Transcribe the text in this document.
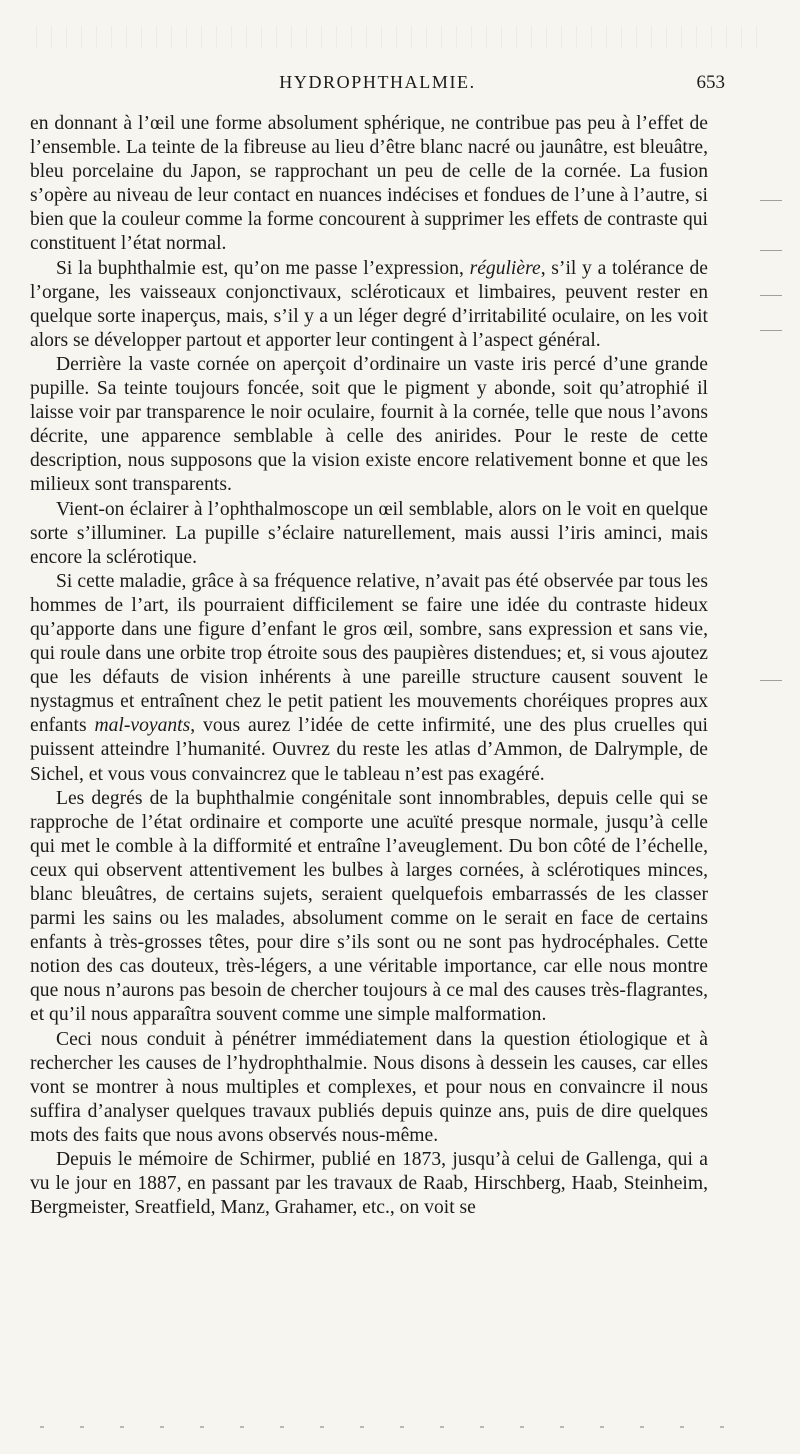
HYDROPHTHALMIE.	653

en donnant à l’œil une forme absolument sphérique, ne contribue pas peu à l’effet de l’ensemble. La teinte de la fibreuse au lieu d’être blanc nacré ou jaunâtre, est bleuâtre, bleu porcelaine du Japon, se rapprochant un peu de celle de la cornée. La fusion s’opère au niveau de leur contact en nuances indécises et fondues de l’une à l’autre, si bien que la couleur comme la forme concourent à supprimer les effets de contraste qui constituent l’état normal.

Si la buphthalmie est, qu’on me passe l’expression, régulière, s’il y a tolérance de l’organe, les vaisseaux conjonctivaux, scléroticaux et limbaires, peuvent rester en quelque sorte inaperçus, mais, s’il y a un léger degré d’irritabilité oculaire, on les voit alors se développer partout et apporter leur contingent à l’aspect général.

Derrière la vaste cornée on aperçoit d’ordinaire un vaste iris percé d’une grande pupille. Sa teinte toujours foncée, soit que le pigment y abonde, soit qu’atrophié il laisse voir par transparence le noir oculaire, fournit à la cornée, telle que nous l’avons décrite, une apparence semblable à celle des anirides. Pour le reste de cette description, nous supposons que la vision existe encore relativement bonne et que les milieux sont transparents.

Vient-on éclairer à l’ophthalmoscope un œil semblable, alors on le voit en quelque sorte s’illuminer. La pupille s’éclaire naturellement, mais aussi l’iris aminci, mais encore la sclérotique.

Si cette maladie, grâce à sa fréquence relative, n’avait pas été observée par tous les hommes de l’art, ils pourraient difficilement se faire une idée du contraste hideux qu’apporte dans une figure d’enfant le gros œil, sombre, sans expression et sans vie, qui roule dans une orbite trop étroite sous des paupières distendues; et, si vous ajoutez que les défauts de vision inhérents à une pareille structure causent souvent le nystagmus et entraînent chez le petit patient les mouvements choréiques propres aux enfants mal-voyants, vous aurez l’idée de cette infirmité, une des plus cruelles qui puissent atteindre l’humanité. Ouvrez du reste les atlas d’Ammon, de Dalrymple, de Sichel, et vous vous convaincrez que le tableau n’est pas exagéré.

Les degrés de la buphthalmie congénitale sont innombrables, depuis celle qui se rapproche de l’état ordinaire et comporte une acuïté presque normale, jusqu’à celle qui met le comble à la difformité et entraîne l’aveuglement. Du bon côté de l’échelle, ceux qui observent attentivement les bulbes à larges cornées, à sclérotiques minces, blanc bleuâtres, de certains sujets, seraient quelquefois embarrassés de les classer parmi les sains ou les malades, absolument comme on le serait en face de certains enfants à très-grosses têtes, pour dire s’ils sont ou ne sont pas hydrocéphales. Cette notion des cas douteux, très-légers, a une véritable importance, car elle nous montre que nous n’aurons pas besoin de chercher toujours à ce mal des causes très-flagrantes, et qu’il nous apparaîtra souvent comme une simple malformation.

Ceci nous conduit à pénétrer immédiatement dans la question étiologique et à rechercher les causes de l’hydrophthalmie. Nous disons à dessein les causes, car elles vont se montrer à nous multiples et complexes, et pour nous en convaincre il nous suffira d’analyser quelques travaux publiés depuis quinze ans, puis de dire quelques mots des faits que nous avons observés nous-même.

Depuis le mémoire de Schirmer, publié en 1873, jusqu’à celui de Gallenga, qui a vu le jour en 1887, en passant par les travaux de Raab, Hirschberg, Haab, Steinheim, Bergmeister, Sreatfield, Manz, Grahamer, etc., on voit se
